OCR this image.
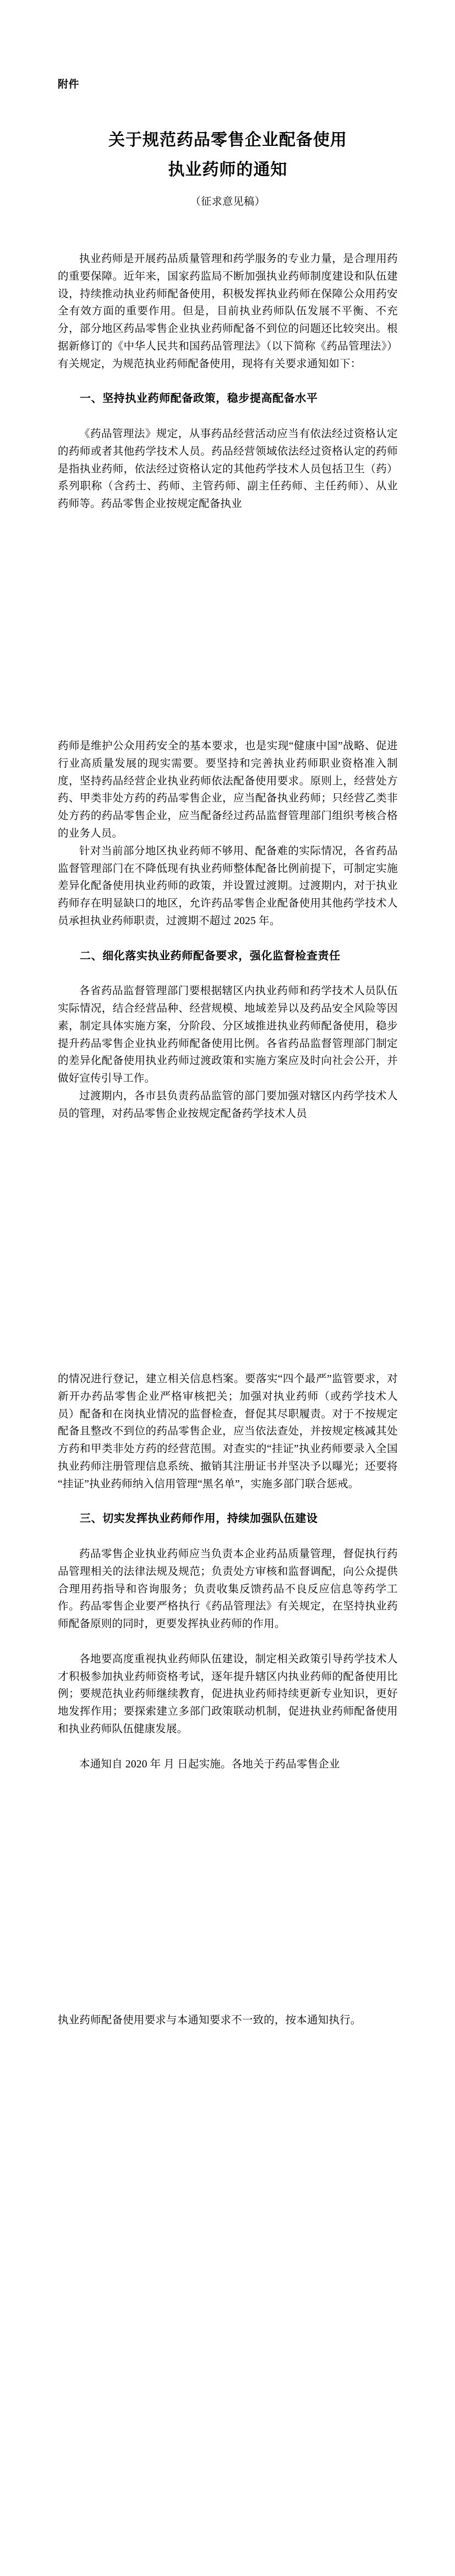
附件
关于规范药品零售企业配备使用
执业药师的通知
（征求意见稿）

执业药师是开展药品质量管理和药学服务的专业力量，是合理用药的重要保障。近年来，国家药监局不断加强执业药师制度建设和队伍建设，持续推动执业药师配备使用，积极发挥执业药师在保障公众用药安全有效方面的重要作用。但是，目前执业药师队伍发展不平衡、不充分，部分地区药品零售企业执业药师配备不到位的问题还比较突出。根据新修订的《中华人民共和国药品管理法》（以下简称《药品管理法》）有关规定，为规范执业药师配备使用，现将有关要求通知如下：

一、坚持执业药师配备政策，稳步提高配备水平

《药品管理法》规定，从事药品经营活动应当有依法经过资格认定的药师或者其他药学技术人员。药品经营领域依法经过资格认定的药师是指执业药师，依法经过资格认定的其他药学技术人员包括卫生（药）系列职称（含药士、药师、主管药师、副主任药师、主任药师）、从业药师等。药品零售企业按规定配备执业

药师是维护公众用药安全的基本要求，也是实现“健康中国”战略、促进行业高质量发展的现实需要。要坚持和完善执业药师职业资格准入制度，坚持药品经营企业执业药师依法配备使用要求。原则上，经营处方药、甲类非处方药的药品零售企业，应当配备执业药师；只经营乙类非处方药的药品零售企业，应当配备经过药品监督管理部门组织考核合格的业务人员。

针对当前部分地区执业药师不够用、配备难的实际情况，各省药品监督管理部门在不降低现有执业药师整体配备比例前提下，可制定实施差异化配备使用执业药师的政策，并设置过渡期。过渡期内，对于执业药师存在明显缺口的地区，允许药品零售企业配备使用其他药学技术人员承担执业药师职责，过渡期不超过 2025 年。

二、细化落实执业药师配备要求，强化监督检查责任

各省药品监督管理部门要根据辖区内执业药师和药学技术人员队伍实际情况，结合经营品种、经营规模、地域差异以及药品安全风险等因素，制定具体实施方案，分阶段、分区域推进执业药师配备使用，稳步提升药品零售企业执业药师配备使用比例。各省药品监督管理部门制定的差异化配备使用执业药师过渡政策和实施方案应及时向社会公开，并做好宣传引导工作。

过渡期内，各市县负责药品监管的部门要加强对辖区内药学技术人员的管理，对药品零售企业按规定配备药学技术人员

的情况进行登记，建立相关信息档案。要落实“四个最严”监管要求，对新开办药品零售企业严格审核把关；加强对执业药师（或药学技术人员）配备和在岗执业情况的监督检查，督促其尽职履责。对于不按规定配备且整改不到位的药品零售企业，应当依法查处，并按规定核减其处方药和甲类非处方药的经营范围。对查实的“挂证”执业药师要录入全国执业药师注册管理信息系统、撤销其注册证书并坚决予以曝光；还要将“挂证”执业药师纳入信用管理“黑名单”，实施多部门联合惩戒。

三、切实发挥执业药师作用，持续加强队伍建设

药品零售企业执业药师应当负责本企业药品质量管理，督促执行药品管理相关的法律法规及规范；负责处方审核和监督调配，向公众提供合理用药指导和咨询服务；负责收集反馈药品不良反应信息等药学工作。药品零售企业要严格执行《药品管理法》有关规定，在坚持执业药师配备原则的同时，更要发挥执业药师的作用。

各地要高度重视执业药师队伍建设，制定相关政策引导药学技术人才积极参加执业药师资格考试，逐年提升辖区内执业药师的配备使用比例；要规范执业药师继续教育，促进执业药师持续更新专业知识，更好地发挥作用；要探索建立多部门政策联动机制，促进执业药师配备使用和执业药师队伍健康发展。

本通知自 2020 年 月 日起实施。各地关于药品零售企业

执业药师配备使用要求与本通知要求不一致的，按本通知执行。
